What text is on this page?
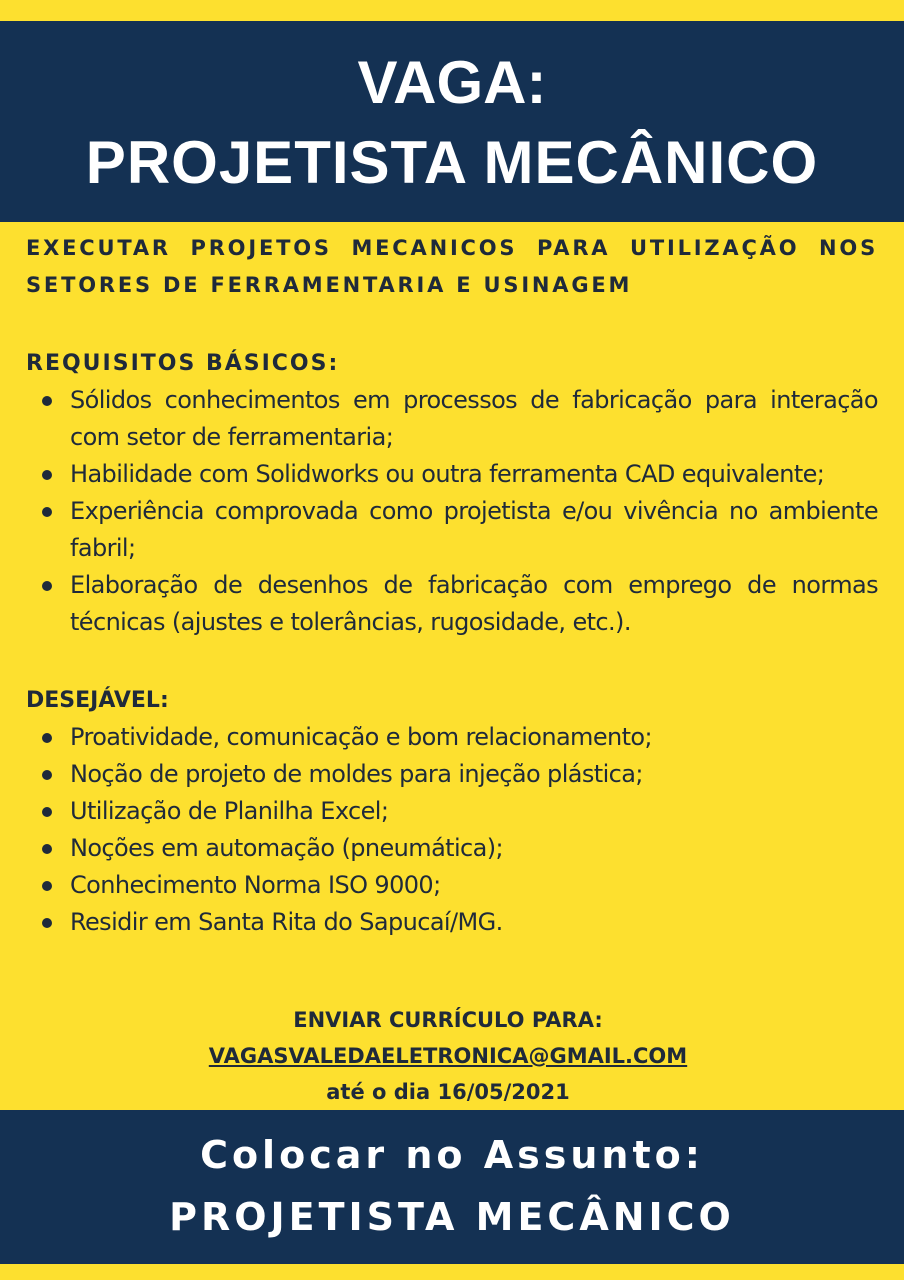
VAGA:
PROJETISTA MECÂNICO
EXECUTAR PROJETOS MECANICOS PARA UTILIZAÇÃO NOS SETORES DE FERRAMENTARIA E USINAGEM
REQUISITOS BÁSICOS:
Sólidos conhecimentos em processos de fabricação para interação com setor de ferramentaria;
Habilidade com Solidworks ou outra ferramenta CAD equivalente;
Experiência comprovada como projetista e/ou vivência no ambiente fabril;
Elaboração de desenhos de fabricação com emprego de normas técnicas (ajustes e tolerâncias, rugosidade, etc.).
DESEJÁVEL:
Proatividade, comunicação e bom relacionamento;
Noção de projeto de moldes para injeção plástica;
Utilização de Planilha Excel;
Noções em automação (pneumática);
Conhecimento Norma ISO 9000;
Residir em Santa Rita do Sapucaí/MG.
ENVIAR CURRÍCULO PARA:
VAGASVALEDAELETRONICA@GMAIL.COM
até o dia 16/05/2021
Colocar no Assunto:
PROJETISTA MECÂNICO
